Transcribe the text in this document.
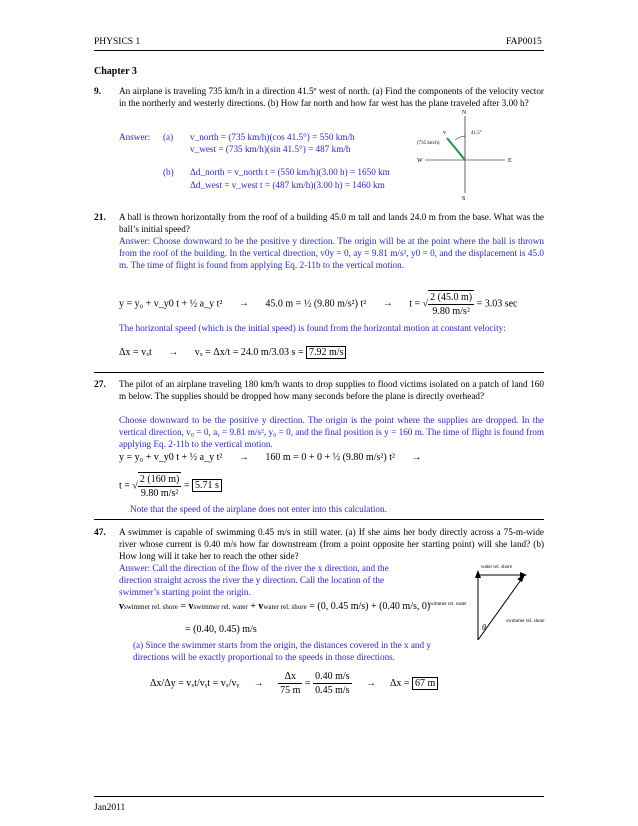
PHYSICS 1	FAP0015
Chapter 3
9. An airplane is traveling 735 km/h in a direction 41.5º west of north. (a) Find the components of the velocity vector in the northerly and westerly directions. (b) How far north and how far west has the plane traveled after 3.00 h?
Answer: (a) v_north = (735 km/h)(cos 41.5°) = 550 km/h
v_west = (735 km/h)(sin 41.5°) = 487 km/h
(b) Δd_north = v_north t = (550 km/h)(3.00 h) = 1650 km
Δd_west = v_west t = (487 km/h)(3.00 h) = 1460 km
N
S
E
W
v
(735 km/h)
41.5°
21. A ball is thrown horizontally from the roof of a building 45.0 m tall and lands 24.0 m from the base. What was the ball’s initial speed?
Answer: Choose downward to be the positive y direction. The origin will be at the point where the ball is thrown from the roof of the building. In the vertical direction, v0y = 0, ay = 9.81 m/s², y0 = 0, and the displacement is 45.0 m. The time of flight is found from applying Eq. 2-11b to the vertical motion.
y = y₀ + v_y0 t + ½ a_y t² → 45.0 m = ½ (9.80 m/s²) t² → t = √ $\frac{2 (45.0 m)}{\text{9.80 m/s²}} = 3.03$ sec
The horizontal speed (which is the initial speed) is found from the horizontal motion at constant velocity:
Δx = vₓt → vₓ = Δx/t = 24.0 m/3.03 s = 7.92 m/s
27. The pilot of an airplane traveling 180 km/h wants to drop supplies to flood victims isolated on a patch of land 160 m below. The supplies should be dropped how many seconds before the plane is directly overhead?
Choose downward to be the positive y direction. The origin is the point where the supplies are dropped. In the vertical direction, v₀ = 0, aᵧ = 9.81 m/s², y₀ = 0, and the final position is y = 160 m. The time of flight is found from applying Eq. 2-11b to the vertical motion.
y = y₀ + v_y0 t + ½ a_y t² → 160 m = 0 + 0 + ½ (9.80 m/s²) t² →
t = √ $\frac{2 (160 m)}{\text{9.80 m/s²}} = 5.71$ s
Note that the speed of the airplane does not enter into this calculation.
47. A swimmer is capable of swimming 0.45 m/s in still water. (a) If she aims her body directly across a 75-m-wide river whose current is 0.40 m/s how far downstream (from a point opposite her starting point) will she land? (b) How long will it take her to reach the other side?
Answer: Call the direction of the flow of the river the x direction, and the direction straight across the river the y direction. Call the location of the swimmer’s starting point the origin.
vswimmer rel. shore = vswimmer rel. water + vwater rel. shore = (0, 0.45 m/s) + (0.40 m/s, 0)
= (0.40, 0.45) m/s
(a) Since the swimmer starts from the origin, the distances covered in the x and y directions will be exactly proportional to the speeds in those directions.
Δx/Δy = vₓt/vᵧt = vₓ/vᵧ → $\frac{\Delta x}{75 m} = \frac{0.40 m/s}{0.45 m/s} \to \Delta x = 67$ m
θ
water rel. shore
swimmer rel. water
swimmer rel. shore
Jan2011
